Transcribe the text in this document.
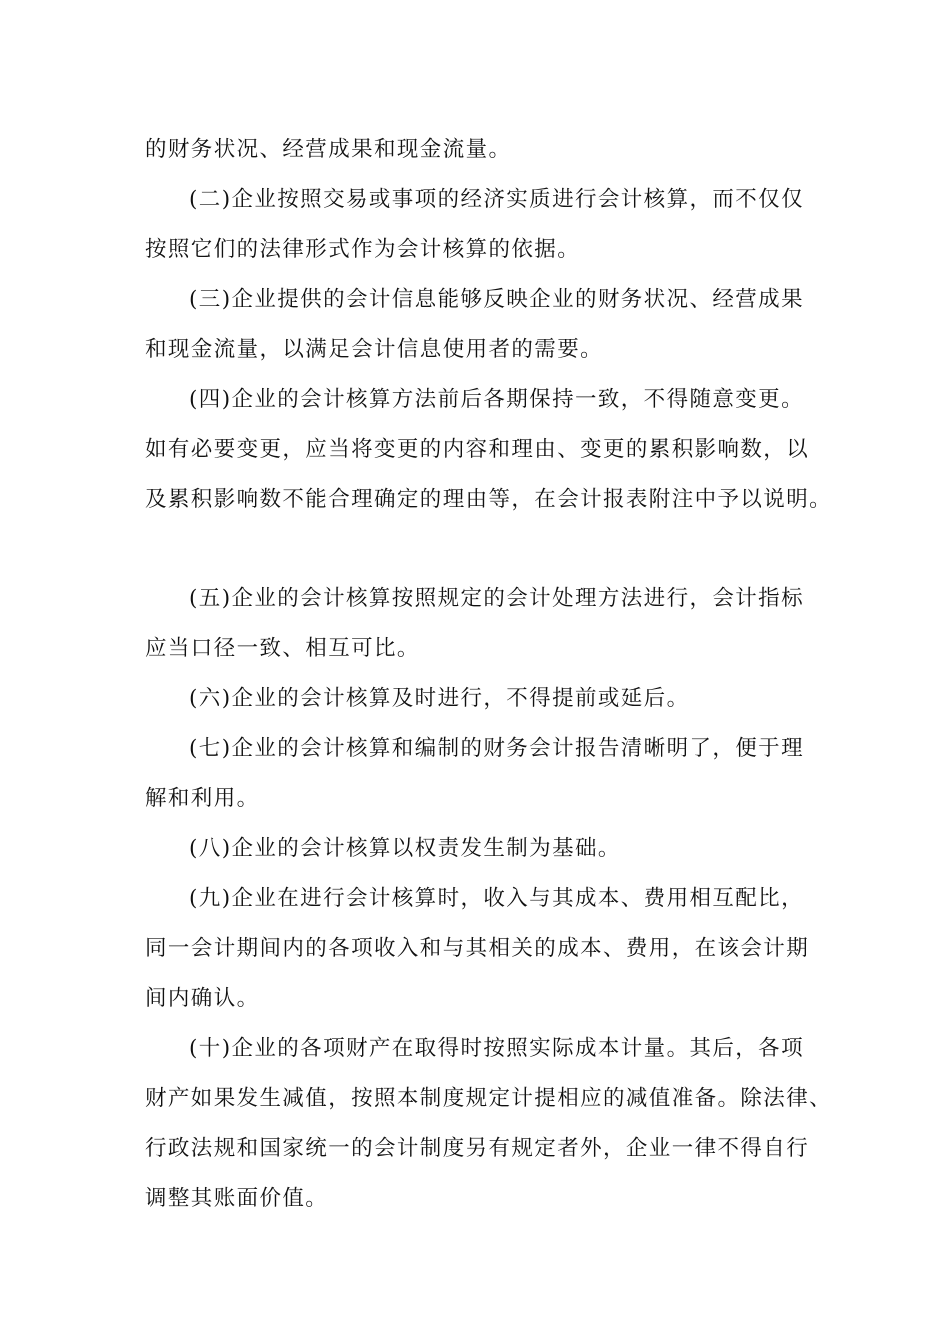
的财务状况、经营成果和现金流量。

(二)企业按照交易或事项的经济实质进行会计核算，而不仅仅

按照它们的法律形式作为会计核算的依据。

(三)企业提供的会计信息能够反映企业的财务状况、经营成果

和现金流量，以满足会计信息使用者的需要。

(四)企业的会计核算方法前后各期保持一致，不得随意变更。

如有必要变更，应当将变更的内容和理由、变更的累积影响数，以

及累积影响数不能合理确定的理由等，在会计报表附注中予以说明。

(五)企业的会计核算按照规定的会计处理方法进行，会计指标

应当口径一致、相互可比。

(六)企业的会计核算及时进行，不得提前或延后。

(七)企业的会计核算和编制的财务会计报告清晰明了，便于理

解和利用。

(八)企业的会计核算以权责发生制为基础。

(九)企业在进行会计核算时，收入与其成本、费用相互配比，

同一会计期间内的各项收入和与其相关的成本、费用，在该会计期

间内确认。

(十)企业的各项财产在取得时按照实际成本计量。其后，各项

财产如果发生减值，按照本制度规定计提相应的减值准备。除法律、

行政法规和国家统一的会计制度另有规定者外，企业一律不得自行

调整其账面价值。
